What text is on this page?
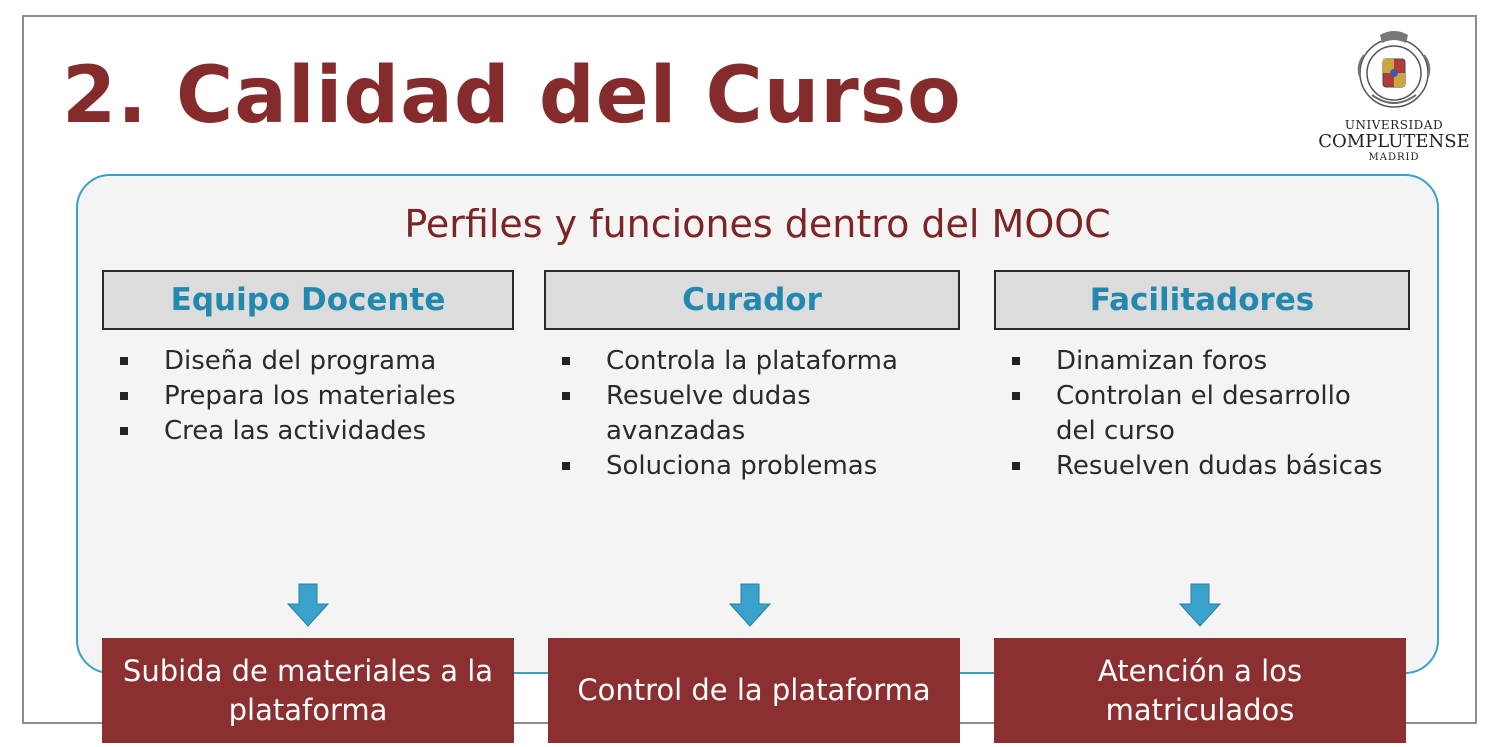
2. Calidad del Curso	UNIVERSIDAD
COMPLUTENSE
MADRID
Perfiles y funciones dentro del MOOC
Equipo Docente
Diseña del programa
Prepara los materiales
Crea las actividades
Subida de materiales a la plataforma
Curador
Controla la plataforma
Resuelve dudas
avanzadas
Soluciona problemas
Control de la plataforma
Facilitadores
Dinamizan foros
Controlan el desarrollo
del curso
Resuelven dudas básicas
Atención a los matriculados
